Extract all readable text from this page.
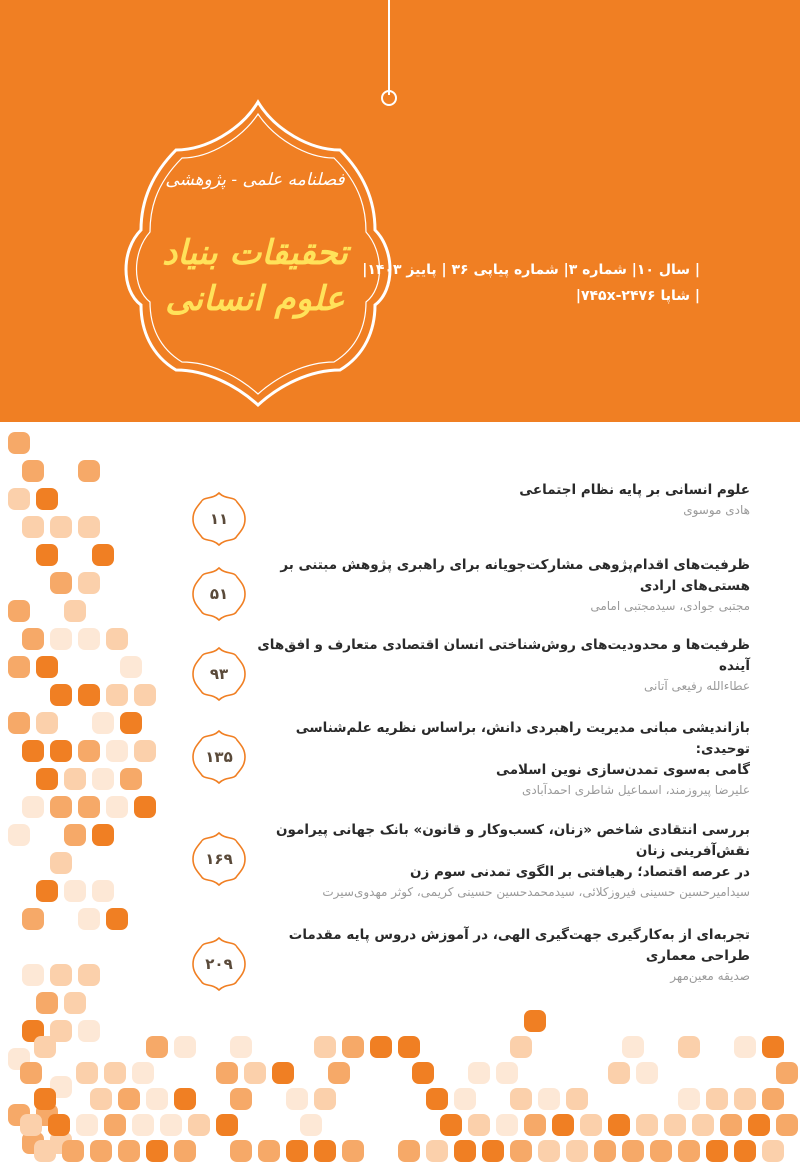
فصلنامه علمی - پژوهشی
تحقیقات بنیاد
علوم انسانی
| سال ۱۰| شماره ۳| شماره پیاپی ۳۶ | پاییز ۱۴۰۳|
| شاپا ۷۴۵x-۲۴۷۶|
۱۱
علوم انسانی بر پایه نظام اجتماعی
هادی موسوی
۵۱
ظرفیت‌های اقدام‌پژوهی مشارکت‌جویانه برای راهبری پژوهش مبتنی بر هستی‌های ارادی
مجتبی جوادی، سیدمجتبی امامی
۹۳
ظرفیت‌ها و محدودیت‌های روش‌شناختی انسان اقتصادی متعارف و افق‌های آینده
عطاءالله رفیعی آتانی
۱۳۵
بازاندیشی مبانی مدیریت راهبردی دانش، براساس نظریه علم‌شناسی توحیدی:
گامی به‌سوی تمدن‌سازی نوین اسلامی
علیرضا پیروزمند، اسماعیل شاطری احمدآبادی
۱۶۹
بررسی انتقادی شاخص «زنان، کسب‌وکار و قانون» بانک جهانی پیرامون نقش‌آفرینی زنان
در عرصه اقتصاد؛ رهیافتی بر الگوی تمدنی سوم زن
سیدامیرحسین حسینی فیروزکلائی، سیدمحمدحسین حسینی کریمی، کوثر مهدوی‌سیرت
۲۰۹
تجربه‌ای از به‌کارگیری جهت‌گیری الهی، در آموزش دروس پایه مقدمات طراحی معماری
صدیقه معین‌مهر
